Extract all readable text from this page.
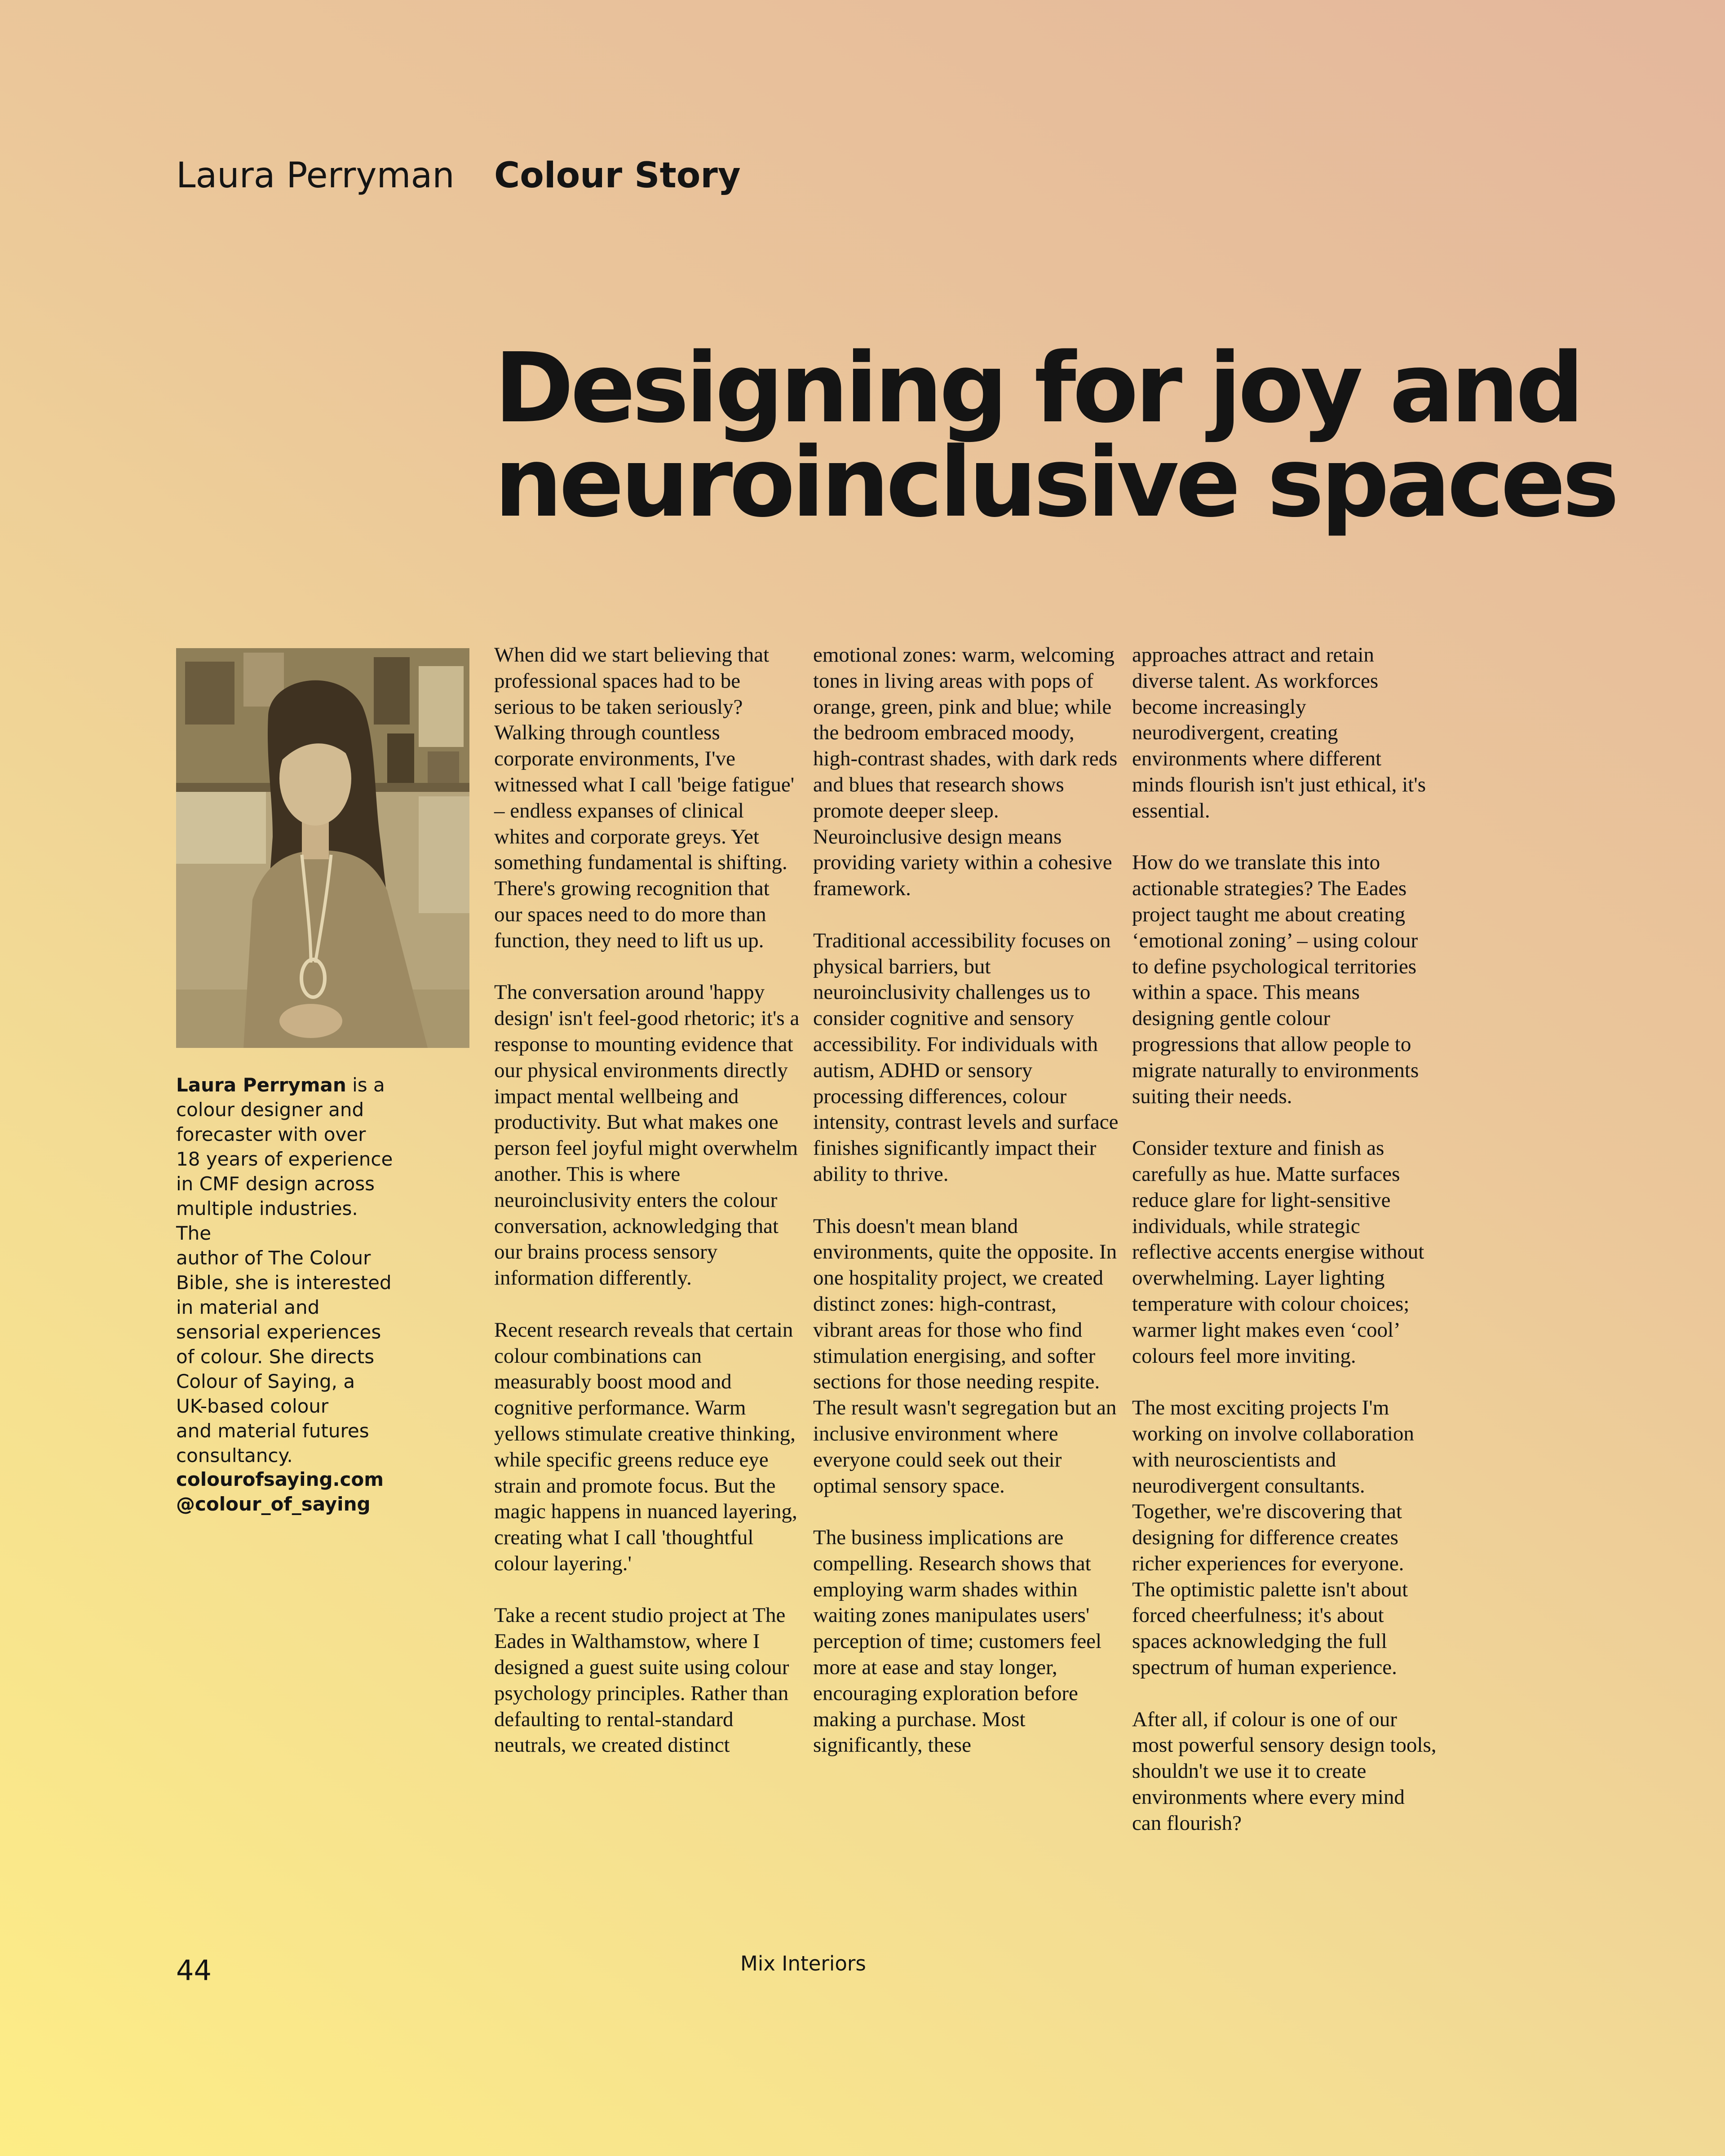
Laura Perryman Colour Story
Designing for joy and
neuroinclusive spaces
Laura Perryman is a
colour designer and
forecaster with over
18 years of experience
in CMF design across
multiple industries. The
author of The Colour
Bible, she is interested
in material and
sensorial experiences
of colour. She directs
Colour of Saying, a
UK-based colour
and material futures
consultancy.
colourofsaying.com
@colour_of_saying

When did we start believing that professional spaces had to be serious to be taken seriously? Walking through countless corporate environments, I've witnessed what I call 'beige fatigue' – endless expanses of clinical whites and corporate greys. Yet something fundamental is shifting. There's growing recognition that our spaces need to do more than function, they need to lift us up.

The conversation around 'happy design' isn't feel-good rhetoric; it's a response to mounting evidence that our physical environments directly impact mental wellbeing and productivity. But what makes one person feel joyful might overwhelm another. This is where neuroinclusivity enters the colour conversation, acknowledging that our brains process sensory information differently.

Recent research reveals that certain colour combinations can measurably boost mood and cognitive performance. Warm yellows stimulate creative thinking, while specific greens reduce eye strain and promote focus. But the magic happens in nuanced layering, creating what I call 'thoughtful colour layering.'

Take a recent studio project at The Eades in Walthamstow, where I designed a guest suite using colour psychology principles. Rather than defaulting to rental-standard neutrals, we created distinct

emotional zones: warm, welcoming tones in living areas with pops of orange, green, pink and blue; while the bedroom embraced moody, high-contrast shades, with dark reds and blues that research shows promote deeper sleep. Neuroinclusive design means providing variety within a cohesive framework.

Traditional accessibility focuses on physical barriers, but neuroinclusivity challenges us to consider cognitive and sensory accessibility. For individuals with autism, ADHD or sensory processing differences, colour intensity, contrast levels and surface finishes significantly impact their ability to thrive.

This doesn't mean bland environments, quite the opposite. In one hospitality project, we created distinct zones: high-contrast, vibrant areas for those who find stimulation energising, and softer sections for those needing respite. The result wasn't segregation but an inclusive environment where everyone could seek out their optimal sensory space.

The business implications are compelling. Research shows that employing warm shades within waiting zones manipulates users' perception of time; customers feel more at ease and stay longer, encouraging exploration before making a purchase. Most significantly, these

approaches attract and retain diverse talent. As workforces become increasingly neurodivergent, creating environments where different minds flourish isn't just ethical, it's essential.

How do we translate this into actionable strategies? The Eades project taught me about creating ‘emotional zoning’ – using colour to define psychological territories within a space. This means designing gentle colour progressions that allow people to migrate naturally to environments suiting their needs.

Consider texture and finish as carefully as hue. Matte surfaces reduce glare for light-sensitive individuals, while strategic reflective accents energise without overwhelming. Layer lighting temperature with colour choices; warmer light makes even ‘cool’ colours feel more inviting.

The most exciting projects I'm working on involve collaboration with neuroscientists and neurodivergent consultants. Together, we're discovering that designing for difference creates richer experiences for everyone. The optimistic palette isn't about forced cheerfulness; it's about spaces acknowledging the full spectrum of human experience.

After all, if colour is one of our most powerful sensory design tools, shouldn't we use it to create environments where every mind can flourish?

44	Mix Interiors
